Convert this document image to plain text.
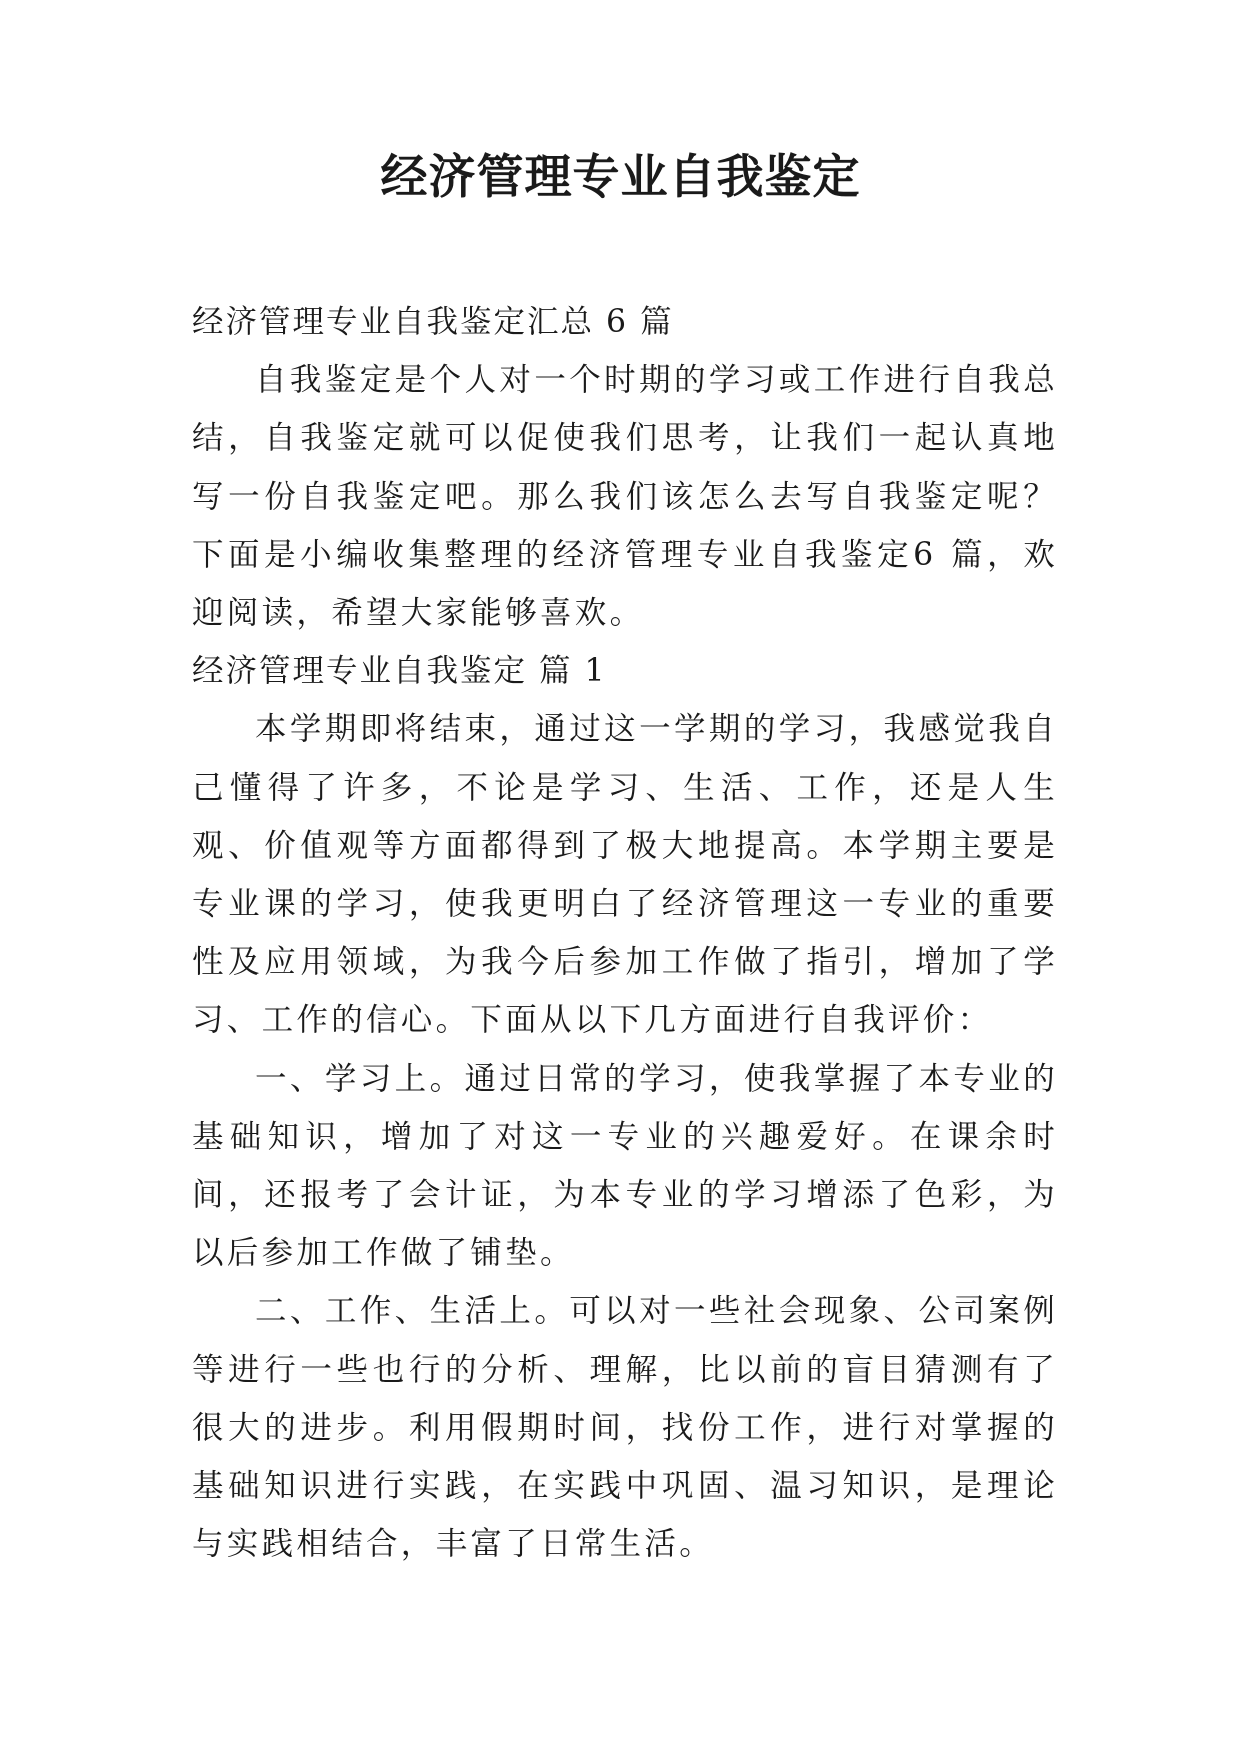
经济管理专业自我鉴定

经济管理专业自我鉴定汇总 6 篇

自我鉴定是个人对一个时期的学习或工作进行自我总结，自我鉴定就可以促使我们思考，让我们一起认真地写一份自我鉴定吧。那么我们该怎么去写自我鉴定呢？下面是小编收集整理的经济管理专业自我鉴定6 篇，欢迎阅读，希望大家能够喜欢。

经济管理专业自我鉴定 篇 1

本学期即将结束，通过这一学期的学习，我感觉我自己懂得了许多，不论是学习、生活、工作，还是人生观、价值观等方面都得到了极大地提高。本学期主要是专业课的学习，使我更明白了经济管理这一专业的重要性及应用领域，为我今后参加工作做了指引，增加了学习、工作的信心。下面从以下几方面进行自我评价：

一、学习上。通过日常的学习，使我掌握了本专业的基础知识，增加了对这一专业的兴趣爱好。在课余时间，还报考了会计证，为本专业的学习增添了色彩，为以后参加工作做了铺垫。

二、工作、生活上。可以对一些社会现象、公司案例等进行一些也行的分析、理解，比以前的盲目猜测有了很大的进步。利用假期时间，找份工作，进行对掌握的基础知识进行实践，在实践中巩固、温习知识，是理论与实践相结合，丰富了日常生活。
